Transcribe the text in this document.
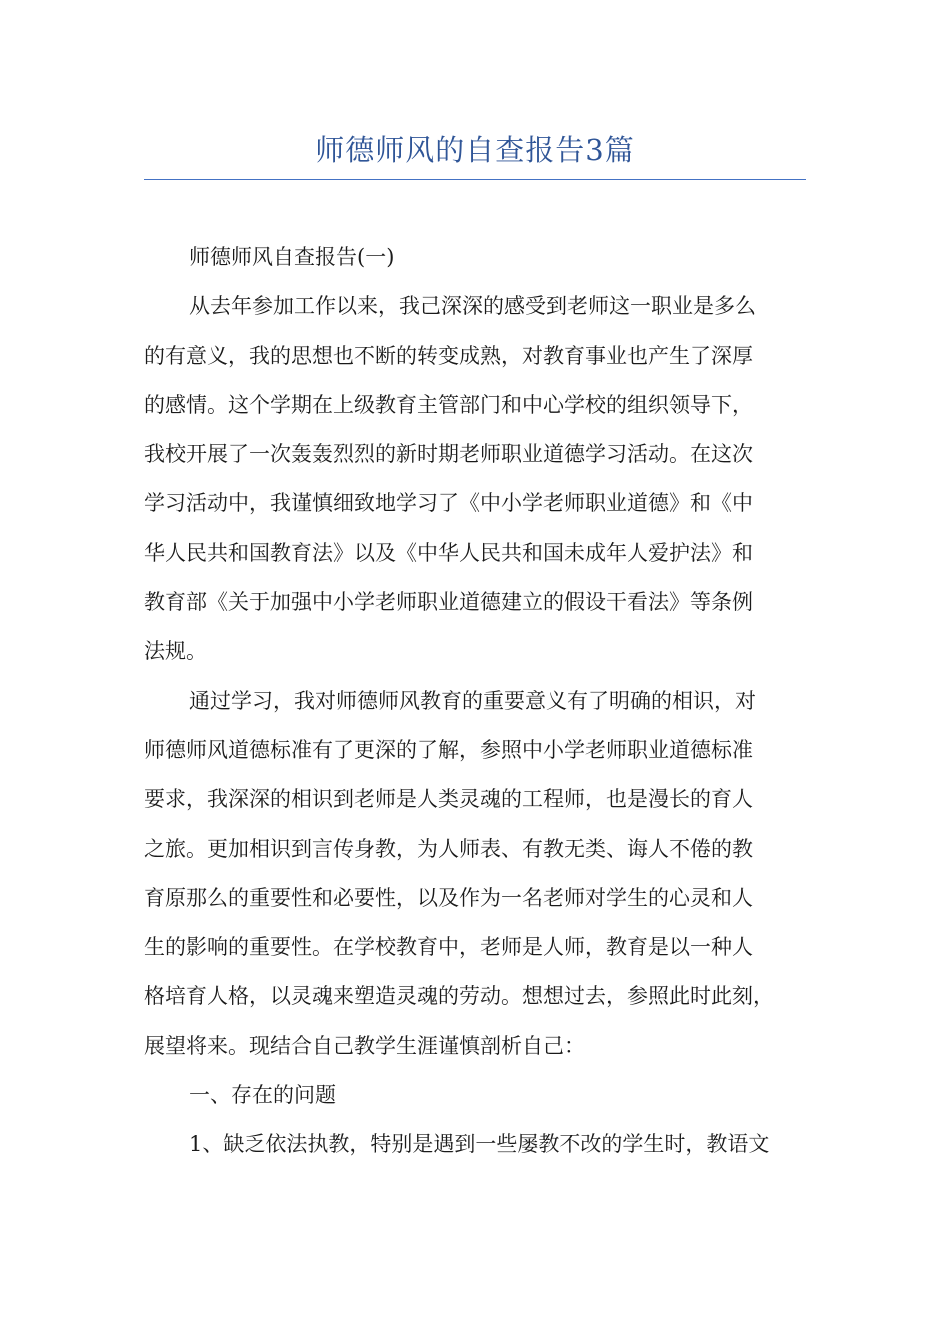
师德师风的自查报告3篇
师德师风自查报告(一)
从去年参加工作以来，我己深深的感受到老师这一职业是多么
的有意义，我的思想也不断的转变成熟，对教育事业也产生了深厚
的感情。这个学期在上级教育主管部门和中心学校的组织领导下，
我校开展了一次轰轰烈烈的新时期老师职业道德学习活动。在这次
学习活动中，我谨慎细致地学习了《中小学老师职业道德》和《中
华人民共和国教育法》以及《中华人民共和国未成年人爱护法》和
教育部《关于加强中小学老师职业道德建立的假设干看法》等条例
法规。
通过学习，我对师德师风教育的重要意义有了明确的相识，对
师德师风道德标准有了更深的了解，参照中小学老师职业道德标准
要求，我深深的相识到老师是人类灵魂的工程师，也是漫长的育人
之旅。更加相识到言传身教，为人师表、有教无类、诲人不倦的教
育原那么的重要性和必要性，以及作为一名老师对学生的心灵和人
生的影响的重要性。在学校教育中，老师是人师，教育是以一种人
格培育人格，以灵魂来塑造灵魂的劳动。想想过去，参照此时此刻，
展望将来。现结合自己教学生涯谨慎剖析自己：
一、存在的问题
1、缺乏依法执教，特别是遇到一些屡教不改的学生时，教语文
